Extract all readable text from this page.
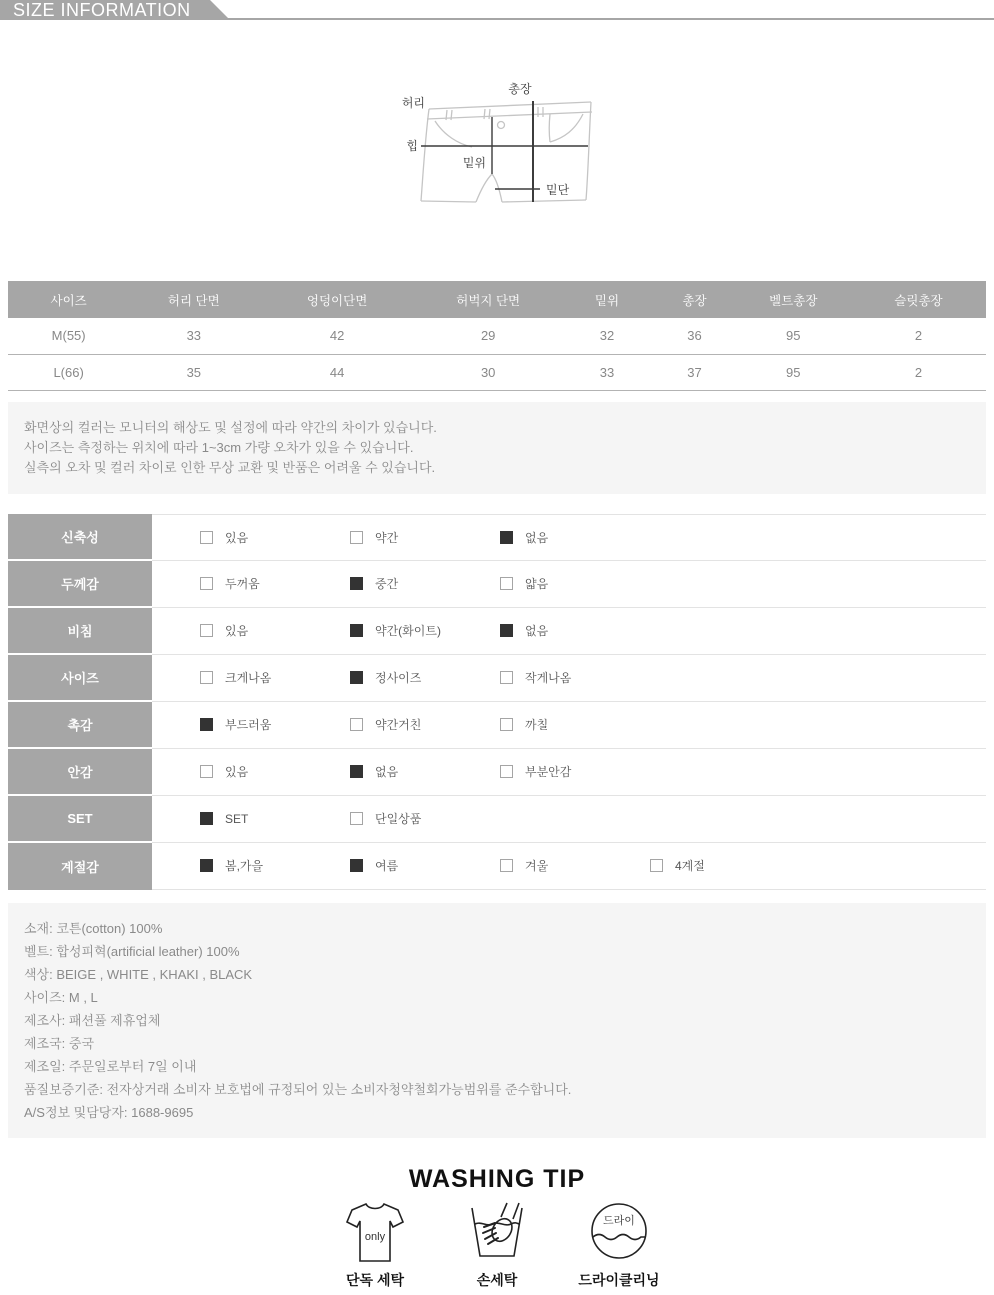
SIZE INFORMATION
허리
총장
힙
밑위
밑단
사이즈	허리 단면	엉덩이단면	허벅지 단면	밑위	총장	벨트총장	슬릿총장
M(55)	33	42	29	32	36	95	2
L(66)	35	44	30	33	37	95	2
화면상의 컬러는 모니터의 해상도 및 설정에 따라 약간의 차이가 있습니다.
사이즈는 측정하는 위치에 따라 1~3cm 가량 오차가 있을 수 있습니다.
실측의 오차 및 컬러 차이로 인한 무상 교환 및 반품은 어려울 수 있습니다.
신축성	있음	약간	없음
두께감	두꺼움	중간	얇음
비침	있음	약간(화이트)	없음
사이즈	크게나옴	정사이즈	작게나옴
촉감	부드러움	약간거친	까칠
안감	있음	없음	부분안감
SET	SET	단일상품
계절감	봄,가을	여름	겨울	4계절
소재: 코튼(cotton) 100%
벨트: 합성피혁(artificial leather) 100%
색상: BEIGE , WHITE , KHAKI , BLACK
사이즈: M , L
제조사: 패션풀 제휴업체
제조국: 중국
제조일: 주문일로부터 7일 이내
품질보증기준: 전자상거래 소비자 보호법에 규정되어 있는 소비자청약철회가능범위를 준수합니다.
A/S정보 및담당자: 1688-9695
WASHING TIP
only
단독 세탁	손세탁
드라이
드라이클리닝
